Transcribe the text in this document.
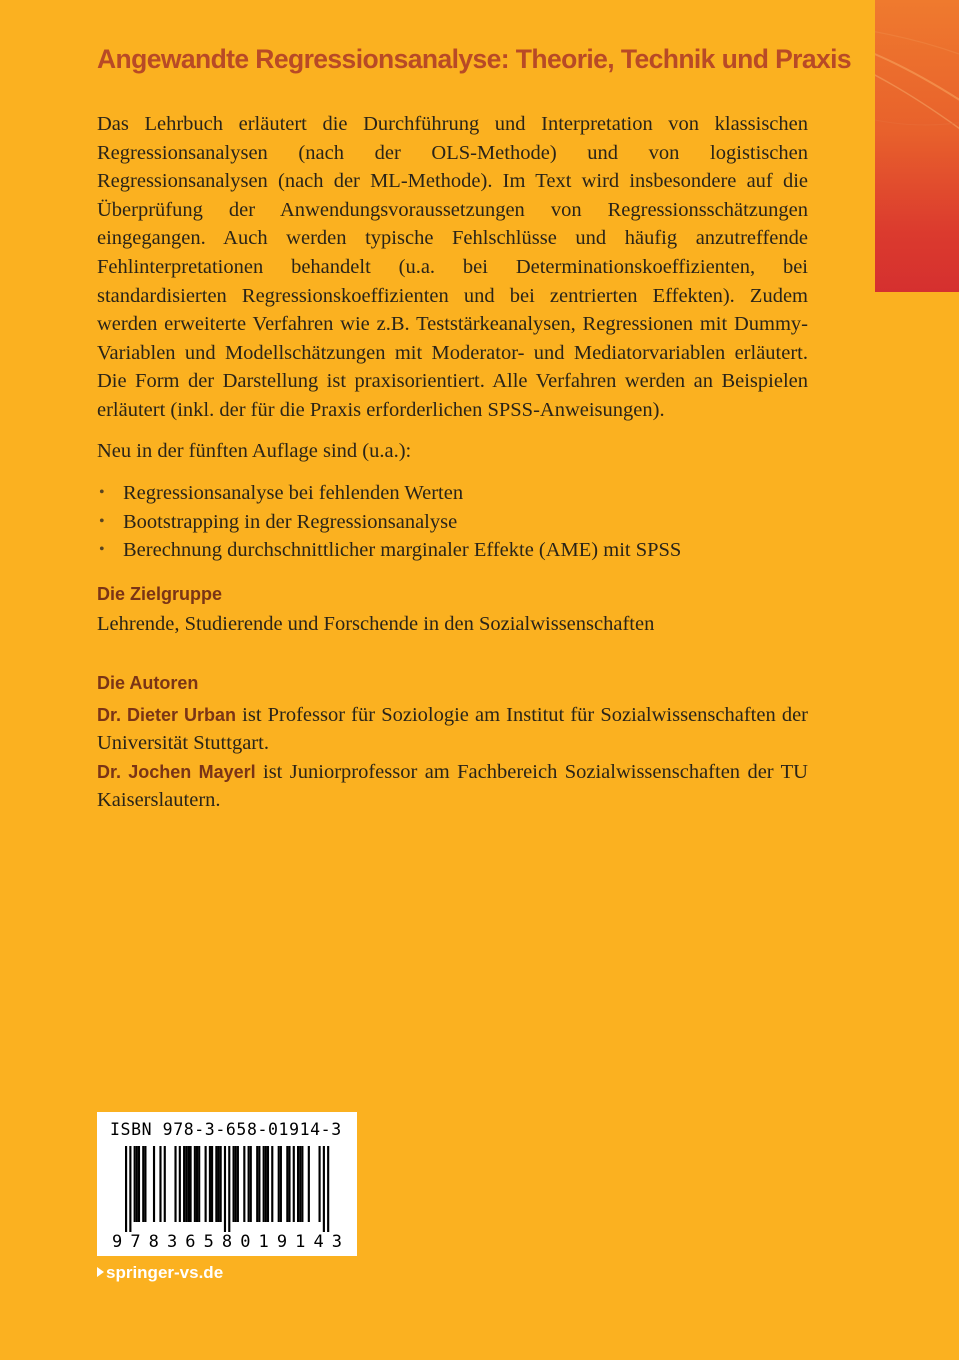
Angewandte Regressionsanalyse: Theorie, Technik und Praxis

Das Lehrbuch erläutert die Durchführung und Interpretation von klassischen Regressionsanalysen (nach der OLS-Methode) und von logistischen Regressionsanalysen (nach der ML-Methode). Im Text wird insbesondere auf die Überprüfung der Anwendungsvoraussetzungen von Regressionsschätzungen eingegangen. Auch werden typische Fehlschlüsse und häufig anzutreffende Fehlinterpretationen behandelt (u.a. bei Determinationskoeffizienten, bei standardisierten Regressionskoeffizienten und bei zentrierten Effekten). Zudem werden erweiterte Verfahren wie z.B. Teststärkeanalysen, Regressionen mit Dummy-Variablen und Modellschätzungen mit Moderator- und Mediatorvariablen erläutert. Die Form der Darstellung ist praxisorientiert. Alle Verfahren werden an Beispielen erläutert (inkl. der für die Praxis erforderlichen SPSS-Anweisungen).

Neu in der fünften Auflage sind (u.a.):

• Regressionsanalyse bei fehlenden Werten
• Bootstrapping in der Regressionsanalyse
• Berechnung durchschnittlicher marginaler Effekte (AME) mit SPSS
Die Zielgruppe

Lehrende, Studierende und Forschende in den Sozialwissenschaften

Die Autoren

Dr. Dieter Urban ist Professor für Soziologie am Institut für Sozialwissenschaften der Universität Stuttgart.

Dr. Jochen Mayerl ist Juniorprofessor am Fachbereich Sozialwissenschaften der TU Kaiserslautern.

ISBN 978-3-658-01914-3
9783658019143
springer-vs.de
